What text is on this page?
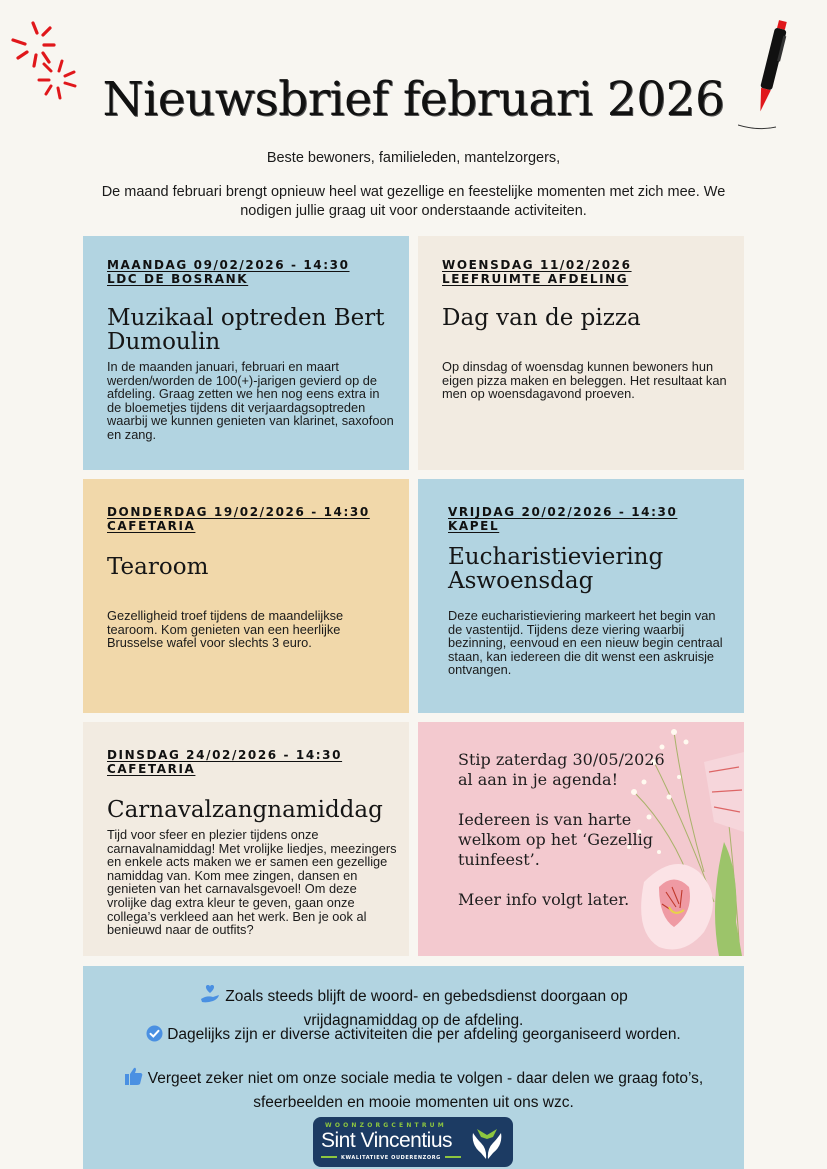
Nieuwsbrief februari 2026

Beste bewoners, familieleden, mantelzorgers,

De maand februari brengt opnieuw heel wat gezellige en feestelijke momenten met zich mee. We nodigen jullie graag uit voor onderstaande activiteiten.

MAANDAG 09/02/2026 - 14:30
LDC DE BOSRANK
Muzikaal optreden Bert Dumoulin

In de maanden januari, februari en maart werden/worden de 100(+)-jarigen gevierd op de afdeling. Graag zetten we hen nog eens extra in de bloemetjes tijdens dit verjaardagsoptreden waarbij we kunnen genieten van klarinet, saxofoon en zang.

WOENSDAG 11/02/2026
LEEFRUIMTE AFDELING
Dag van de pizza

Op dinsdag of woensdag kunnen bewoners hun eigen pizza maken en beleggen. Het resultaat kan men op woensdagavond proeven.

DONDERDAG 19/02/2026 - 14:30
CAFETARIA
Tearoom

Gezelligheid troef tijdens de maandelijkse tearoom. Kom genieten van een heerlijke Brusselse wafel voor slechts 3 euro.

VRIJDAG 20/02/2026 - 14:30
KAPEL
Eucharistieviering Aswoensdag

Deze eucharistieviering markeert het begin van de vastentijd. Tijdens deze viering waarbij bezinning, eenvoud en een nieuw begin centraal staan, kan iedereen die dit wenst een askruisje ontvangen.

DINSDAG 24/02/2026 - 14:30
CAFETARIA
Carnavalzangnamiddag

Tijd voor sfeer en plezier tijdens onze carnavalnamiddag! Met vrolijke liedjes, meezingers en enkele acts maken we er samen een gezellige namiddag van. Kom mee zingen, dansen en genieten van het carnavalsgevoel! Om deze vrolijke dag extra kleur te geven, gaan onze collega’s verkleed aan het werk. Ben je ook al benieuwd naar de outfits?

Stip zaterdag 30/05/2026 al aan in je agenda!

Iedereen is van harte welkom op het ‘Gezellig tuinfeest’.

Meer info volgt later.

Zoals steeds blijft de woord- en gebedsdienst doorgaan op vrijdagnamiddag op de afdeling.

Dagelijks zijn er diverse activiteiten die per afdeling georganiseerd worden.

Vergeet zeker niet om onze sociale media te volgen - daar delen we graag foto’s, sfeerbeelden en mooie momenten uit ons wzc.

WOONZORGCENTRUM
Sint Vincentius
KWALITATIEVE OUDERENZORG
